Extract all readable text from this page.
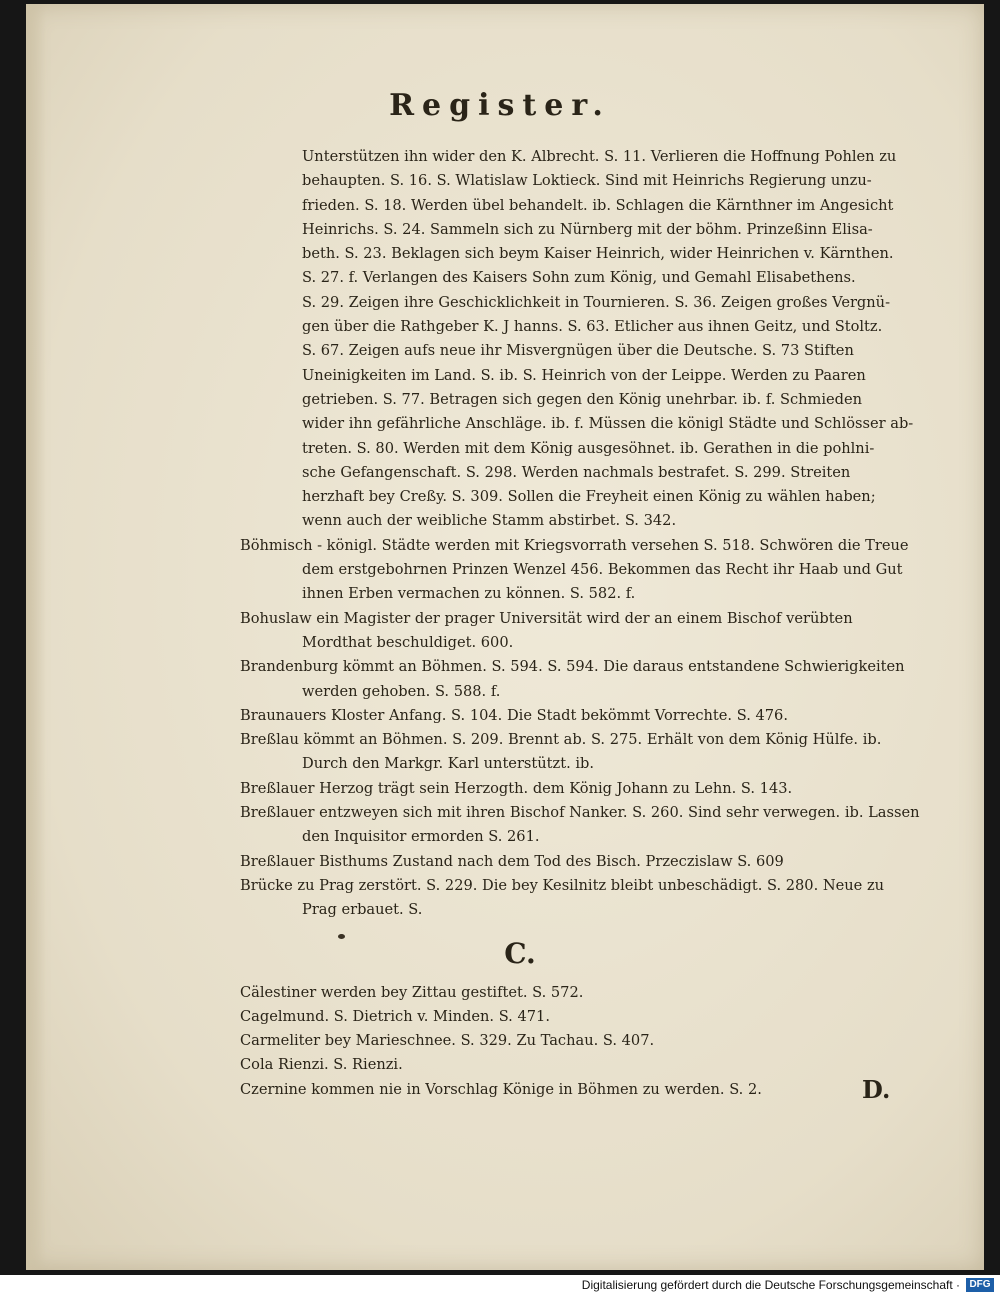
Register.
Unterstützen ihn wider den K. Albrecht. S. 11. Verlieren die Hoffnung Pohlen zu
behaupten. S. 16. S. Wlatislaw Loktieck. Sind mit Heinrichs Regierung unzu-
frieden. S. 18. Werden übel behandelt. ib. Schlagen die Kärnthner im Angesicht
Heinrichs. S. 24. Sammeln sich zu Nürnberg mit der böhm. Prinzeßinn Elisa-
beth. S. 23. Beklagen sich beym Kaiser Heinrich, wider Heinrichen v. Kärnthen.
S. 27. f. Verlangen des Kaisers Sohn zum König, und Gemahl Elisabethens.
S. 29. Zeigen ihre Geschicklichkeit in Tournieren. S. 36. Zeigen großes Vergnü-
gen über die Rathgeber K. J hanns. S. 63. Etlicher aus ihnen Geitz, und Stoltz.
S. 67. Zeigen aufs neue ihr Misvergnügen über die Deutsche. S. 73 Stiften
Uneinigkeiten im Land. S. ib. S. Heinrich von der Leippe. Werden zu Paaren
getrieben. S. 77. Betragen sich gegen den König unehrbar. ib. f. Schmieden
wider ihn gefährliche Anschläge. ib. f. Müssen die königl Städte und Schlösser ab-
treten. S. 80. Werden mit dem König ausgesöhnet. ib. Gerathen in die pohlni-
sche Gefangenschaft. S. 298. Werden nachmals bestrafet. S. 299. Streiten
herzhaft bey Creßy. S. 309. Sollen die Freyheit einen König zu wählen haben;
wenn auch der weibliche Stamm abstirbet. S. 342.
Böhmisch - königl. Städte werden mit Kriegsvorrath versehen S. 518. Schwören die Treue dem erstgebohrnen Prinzen Wenzel 456. Bekommen das Recht ihr Haab und Gut ihnen Erben vermachen zu können. S. 582. f.
Bohuslaw ein Magister der prager Universität wird der an einem Bischof verübten Mordthat beschuldiget. 600.
Brandenburg kömmt an Böhmen. S. 594. S. 594. Die daraus entstandene Schwierigkeiten werden gehoben. S. 588. f.
Braunauers Kloster Anfang. S. 104. Die Stadt bekömmt Vorrechte. S. 476.
Breßlau kömmt an Böhmen. S. 209. Brennt ab. S. 275. Erhält von dem König Hülfe. ib. Durch den Markgr. Karl unterstützt. ib.
Breßlauer Herzog trägt sein Herzogth. dem König Johann zu Lehn. S. 143.
Breßlauer entzweyen sich mit ihren Bischof Nanker. S. 260. Sind sehr verwegen. ib. Lassen den Inquisitor ermorden S. 261.
Breßlauer Bisthums Zustand nach dem Tod des Bisch. Przeczislaw S. 609
Brücke zu Prag zerstört. S. 229. Die bey Kesilnitz bleibt unbeschädigt. S. 280. Neue zu Prag erbauet. S.
C.
Cälestiner werden bey Zittau gestiftet. S. 572.
Cagelmund. S. Dietrich v. Minden. S. 471.
Carmeliter bey Marieschnee. S. 329. Zu Tachau. S. 407.
Cola Rienzi. S. Rienzi.
Czernine kommen nie in Vorschlag Könige in Böhmen zu werden. S. 2.	D.
Digitalisierung gefördert durch die Deutsche Forschungsgemeinschaft · DFG
